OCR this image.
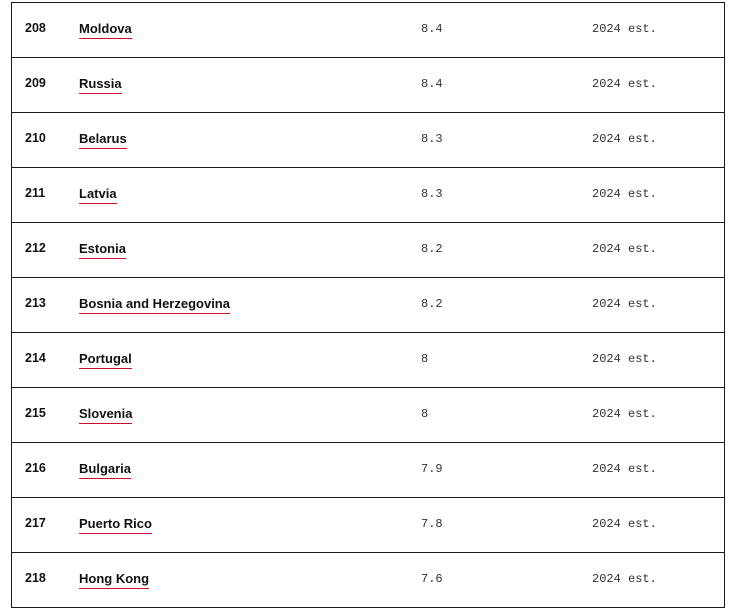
208	Moldova	8.4	2024 est.
209	Russia	8.4	2024 est.
210	Belarus	8.3	2024 est.
211	Latvia	8.3	2024 est.
212	Estonia	8.2	2024 est.
213	Bosnia and Herzegovina	8.2	2024 est.
214	Portugal	8	2024 est.
215	Slovenia	8	2024 est.
216	Bulgaria	7.9	2024 est.
217	Puerto Rico	7.8	2024 est.
218	Hong Kong	7.6	2024 est.
